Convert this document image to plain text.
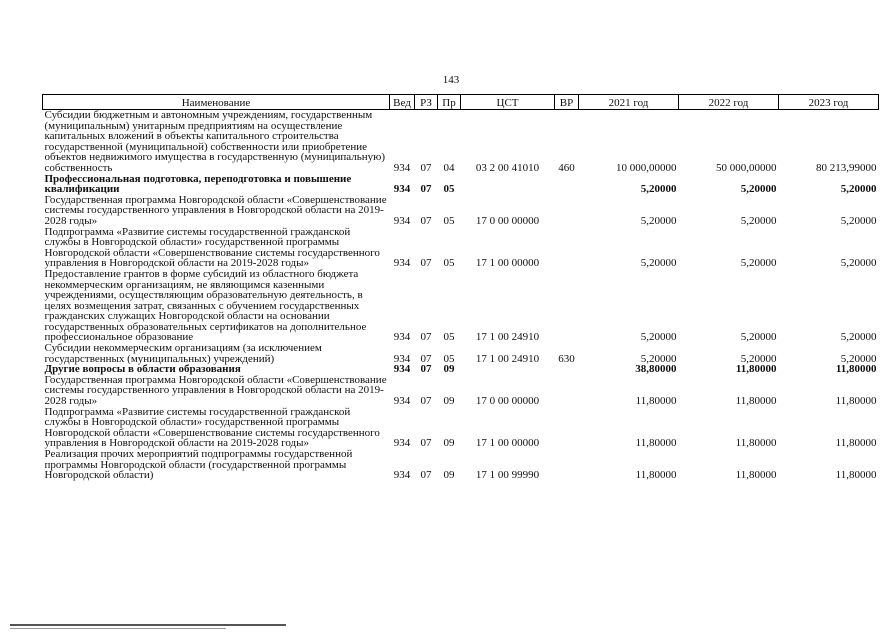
143
Наименование	Вед	РЗ	Пр	ЦСТ	ВР	2021 год	2022 год	2023 год
Субсидии бюджетным и автономным учреждениям, государственным (муниципальным) унитарным предприятиям на осуществление капитальных вложений в объекты капитального строительства государственной (муниципальной) собственности или приобретение объектов недвижимого имущества в государственную (муниципальную) собственность	934	07	04	03 2 00 41010	460	10 000,00000	50 000,00000	80 213,99000
Профессиональная подготовка, переподготовка и повышение квалификации	934	07	05			5,20000	5,20000	5,20000
Государственная программа Новгородской области «Совершенствование системы государственного управления в Новгородской области на 2019-2028 годы»	934	07	05	17 0 00 00000		5,20000	5,20000	5,20000
Подпрограмма «Развитие системы государственной гражданской службы в Новгородской области» государственной программы Новгородской области «Совершенствование системы государственного управления в Новгородской области на 2019-2028 годы»	934	07	05	17 1 00 00000		5,20000	5,20000	5,20000
Предоставление грантов в форме субсидий из областного бюджета некоммерческим организациям, не являющимся казенными учреждениями, осуществляющим образовательную деятельность, в целях возмещения затрат, связанных с обучением государственных гражданских служащих Новгородской области на основании государственных образовательных сертификатов на дополнительное профессиональное образование	934	07	05	17 1 00 24910		5,20000	5,20000	5,20000
Субсидии некоммерческим организациям (за исключением государственных (муниципальных) учреждений)	934	07	05	17 1 00 24910	630	5,20000	5,20000	5,20000
Другие вопросы в области образования	934	07	09			38,80000	11,80000	11,80000
Государственная программа Новгородской области «Совершенствование системы государственного управления в Новгородской области на 2019-2028 годы»	934	07	09	17 0 00 00000		11,80000	11,80000	11,80000
Подпрограмма «Развитие системы государственной гражданской службы в Новгородской области» государственной программы Новгородской области «Совершенствование системы государственного управления в Новгородской области на 2019-2028 годы»	934	07	09	17 1 00 00000		11,80000	11,80000	11,80000
Реализация прочих мероприятий подпрограммы государственной программы Новгородской области (государственной программы Новгородской области)	934	07	09	17 1 00 99990		11,80000	11,80000	11,80000
